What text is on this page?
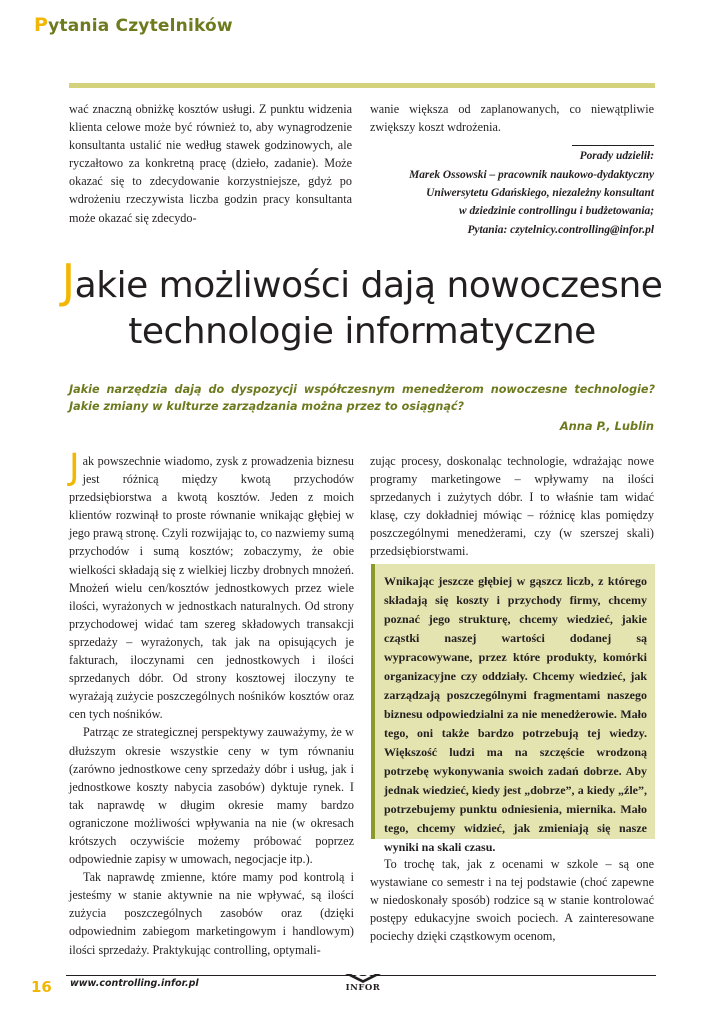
Pytania Czytelników

wać znaczną obniżkę kosztów usługi. Z punktu widzenia klienta celowe może być również to, aby wynagrodzenie konsultanta ustalić nie według stawek godzinowych, ale ryczałtowo za konkretną pracę (dzieło, zadanie). Może okazać się to zdecydowanie korzystniejsze, gdyż po wdrożeniu rzeczywista liczba godzin pracy konsultanta może okazać się zdecydo-

wanie większa od zaplanowanych, co niewątpliwie zwiększy koszt wdrożenia.

Porady udzielił:
Marek Ossowski – pracownik naukowo-dydaktyczny
Uniwersytetu Gdańskiego, niezależny konsultant
w dziedzinie controllingu i budżetowania;
Pytania: czytelnicy.controlling@infor.pl
Jakie możliwości dają nowoczesne
technologie informatyczne
Jakie narzędzia dają do dyspozycji współczesnym menedżerom nowoczesne technologie? Jakie zmiany w kulturze zarządzania można przez to osiągnąć?
Anna P., Lublin

Jak powszechnie wiadomo, zysk z prowadzenia biznesu jest różnicą między kwotą przychodów przedsiębiorstwa a kwotą kosztów. Jeden z moich klientów rozwinął to proste równanie wnikając głębiej w jego prawą stronę. Czyli rozwijając to, co nazwiemy sumą przychodów i sumą kosztów; zobaczymy, że obie wielkości składają się z wielkiej liczby drobnych mnożeń. Mnożeń wielu cen/kosztów jednostkowych przez wiele ilości, wyrażonych w jednostkach naturalnych. Od strony przychodowej widać tam szereg składowych transakcji sprzedaży – wyrażonych, tak jak na opisujących je fakturach, iloczynami cen jednostkowych i ilości sprzedanych dóbr. Od strony kosztowej iloczyny te wyrażają zużycie poszczególnych nośników kosztów oraz cen tych nośników.

Patrząc ze strategicznej perspektywy zauważymy, że w dłuższym okresie wszystkie ceny w tym równaniu (zarówno jednostkowe ceny sprzedaży dóbr i usług, jak i jednostkowe koszty nabycia zasobów) dyktuje rynek. I tak naprawdę w długim okresie mamy bardzo ograniczone możliwości wpływania na nie (w okresach krótszych oczywiście możemy próbować poprzez odpowiednie zapisy w umowach, negocjacje itp.).

Tak naprawdę zmienne, które mamy pod kontrolą i jesteśmy w stanie aktywnie na nie wpływać, są ilości zużycia poszczególnych zasobów oraz (dzięki odpowiednim zabiegom marketingowym i handlowym) ilości sprzedaży. Praktykując controlling, optymali-

zując procesy, doskonaląc technologie, wdrażając nowe programy marketingowe – wpływamy na ilości sprzedanych i zużytych dóbr. I to właśnie tam widać klasę, czy dokładniej mówiąc – różnicę klas pomiędzy poszczególnymi menedżerami, czy (w szerszej skali) przedsiębiorstwami.

Wnikając jeszcze głębiej w gąszcz liczb, z którego składają się koszty i przychody firmy, chcemy poznać jego strukturę, chcemy wiedzieć, jakie cząstki naszej wartości dodanej są wypracowywane, przez które produkty, komórki organizacyjne czy oddziały. Chcemy wiedzieć, jak zarządzają poszczególnymi fragmentami naszego biznesu odpowiedzialni za nie menedżerowie. Mało tego, oni także bardzo potrzebują tej wiedzy. Większość ludzi ma na szczęście wrodzoną potrzebę wykonywania swoich zadań dobrze. Aby jednak wiedzieć, kiedy jest „dobrze”, a kiedy „źle”, potrzebujemy punktu odniesienia, miernika. Mało tego, chcemy widzieć, jak zmieniają się nasze wyniki na skali czasu.

To trochę tak, jak z ocenami w szkole – są one wystawiane co semestr i na tej podstawie (choć zapewne w niedoskonały sposób) rodzice są w stanie kontrolować postępy edukacyjne swoich pociech. A zainteresowane pociechy dzięki cząstkowym ocenom,

16 www.controlling.infor.pl	INFOR
